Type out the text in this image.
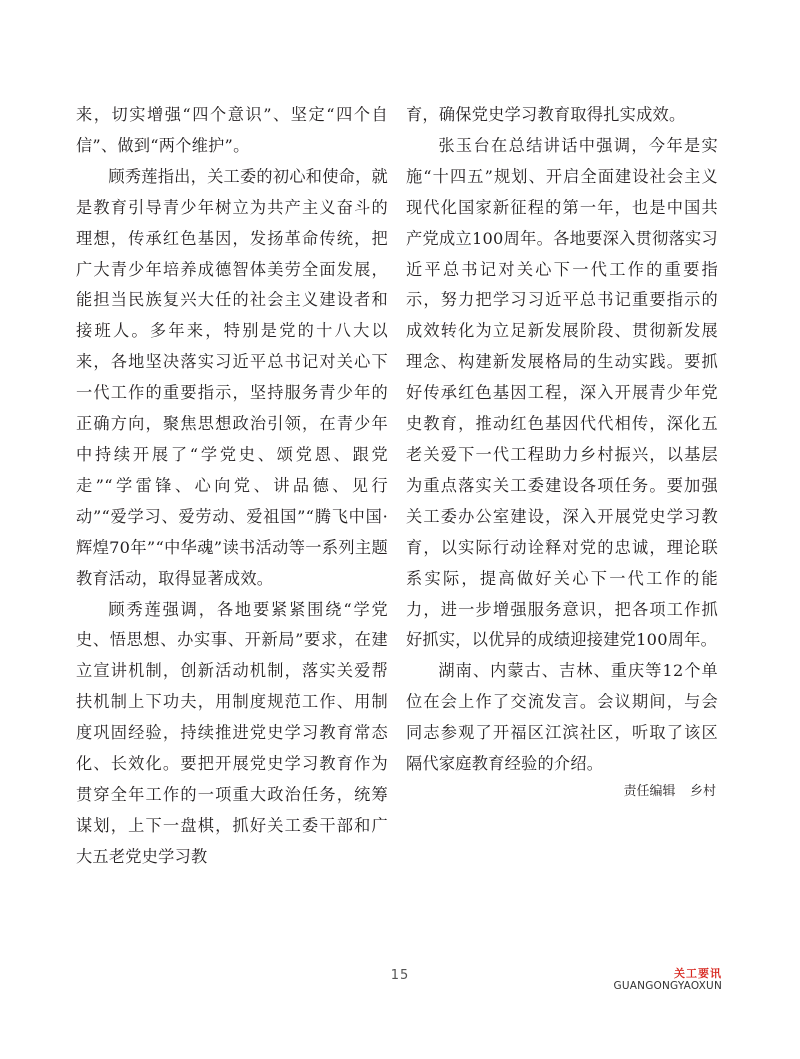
来，切实增强“四个意识”、坚定“四个自信”、做到“两个维护”。

顾秀莲指出，关工委的初心和使命，就是教育引导青少年树立为共产主义奋斗的理想，传承红色基因，发扬革命传统，把广大青少年培养成德智体美劳全面发展，能担当民族复兴大任的社会主义建设者和接班人。多年来，特别是党的十八大以来，各地坚决落实习近平总书记对关心下一代工作的重要指示，坚持服务青少年的正确方向，聚焦思想政治引领，在青少年中持续开展了“学党史、颂党恩、跟党走”“学雷锋、心向党、讲品德、见行动”“爱学习、爱劳动、爱祖国”“腾飞中国·辉煌70年”“中华魂”读书活动等一系列主题教育活动，取得显著成效。

顾秀莲强调，各地要紧紧围绕“学党史、悟思想、办实事、开新局”要求，在建立宣讲机制，创新活动机制，落实关爱帮扶机制上下功夫，用制度规范工作、用制度巩固经验，持续推进党史学习教育常态化、长效化。要把开展党史学习教育作为贯穿全年工作的一项重大政治任务，统筹谋划，上下一盘棋，抓好关工委干部和广大五老党史学习教

育，确保党史学习教育取得扎实成效。

张玉台在总结讲话中强调，今年是实施“十四五”规划、开启全面建设社会主义现代化国家新征程的第一年，也是中国共产党成立100周年。各地要深入贯彻落实习近平总书记对关心下一代工作的重要指示，努力把学习习近平总书记重要指示的成效转化为立足新发展阶段、贯彻新发展理念、构建新发展格局的生动实践。要抓好传承红色基因工程，深入开展青少年党史教育，推动红色基因代代相传，深化五老关爱下一代工程助力乡村振兴，以基层为重点落实关工委建设各项任务。要加强关工委办公室建设，深入开展党史学习教育，以实际行动诠释对党的忠诚，理论联系实际，提高做好关心下一代工作的能力，进一步增强服务意识，把各项工作抓好抓实，以优异的成绩迎接建党100周年。

湖南、内蒙古、吉林、重庆等12个单位在会上作了交流发言。会议期间，与会同志参观了开福区江滨社区，听取了该区隔代家庭教育经验的介绍。

责任编辑 乡村

15	关工要讯
GUANGONGYAOXUN
